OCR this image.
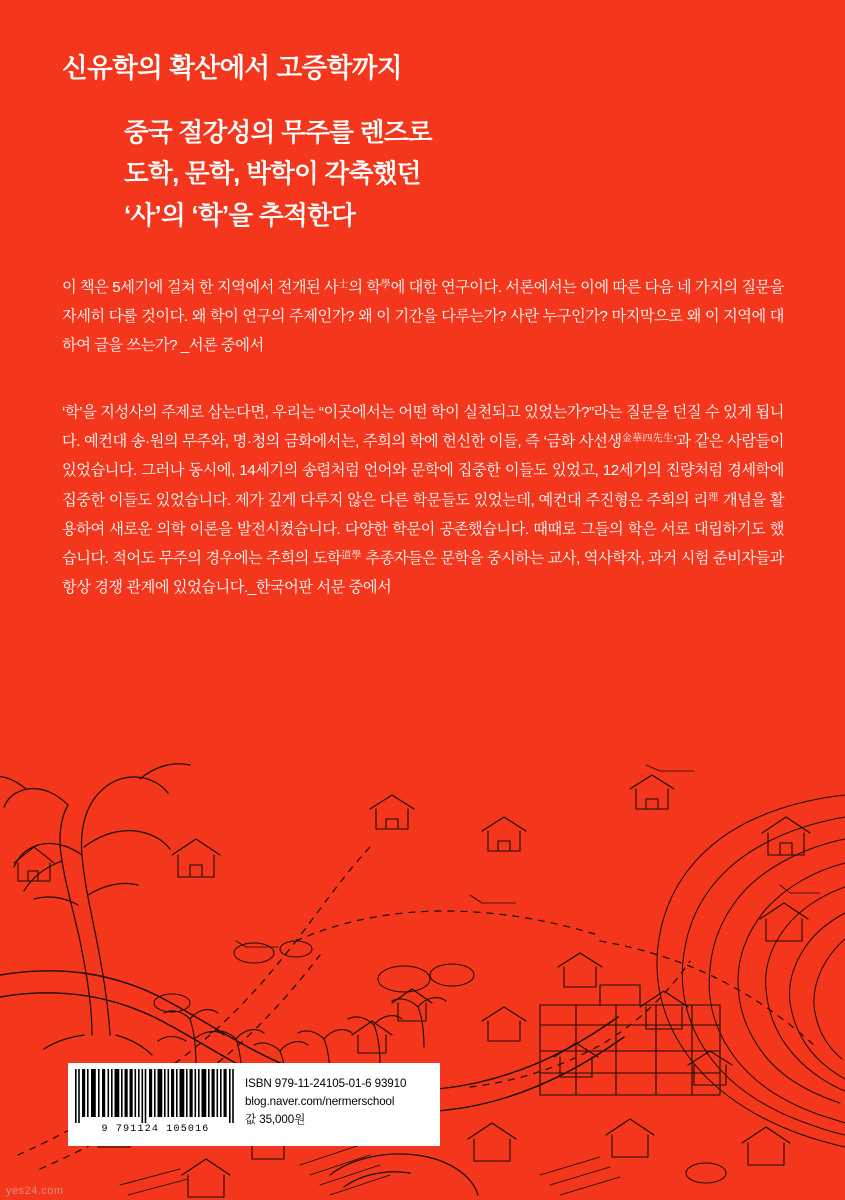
신유학의 확산에서 고증학까지
중국 절강성의 무주를 렌즈로
도학, 문학, 박학이 각축했던
‘사’의 ‘학’을 추적한다
이 책은 5세기에 걸쳐 한 지역에서 전개된 사$^士$의 학$^學$에 대한 연구이다. 서론에서는 이에 따른 다음 네 가지의 질문을 자세히 다룰 것이다. 왜 학이 연구의 주제인가? 왜 이 기간을 다루는가? 사란 누구인가? 마지막으로 왜 이 지역에 대하여 글을 쓰는가? _서론 중에서
‘학’을 지성사의 주제로 삼는다면, 우리는 “이곳에서는 어떤 학이 실천되고 있었는가?”라는 질문을 던질 수 있게 됩니다. 예컨대 송·원의 무주와, 명·청의 금화에서는, 주희의 학에 헌신한 이들, 즉 ‘금화 사선생$^{金華四先生}$’과 같은 사람들이 있었습니다. 그러나 동시에, 14세기의 송렴처럼 언어와 문학에 집중한 이들도 있었고, 12세기의 진량처럼 경세학에 집중한 이들도 있었습니다. 제가 깊게 다루지 않은 다른 학문들도 있었는데, 예컨대 주진형은 주희의 리$^理$ 개념을 활용하여 새로운 의학 이론을 발전시켰습니다. 다양한 학문이 공존했습니다. 때때로 그들의 학은 서로 대립하기도 했습니다. 적어도 무주의 경우에는 주희의 도학$^{道學}$ 추종자들은 문학을 중시하는 교사, 역사학자, 과거 시험 준비자들과 항상 경쟁 관계에 있었습니다._한국어판 서문 중에서
9 791124 105016
ISBN 979-11-24105-01-6 93910
blog.naver.com/nermerschool
값 35,000원
yes24.com
